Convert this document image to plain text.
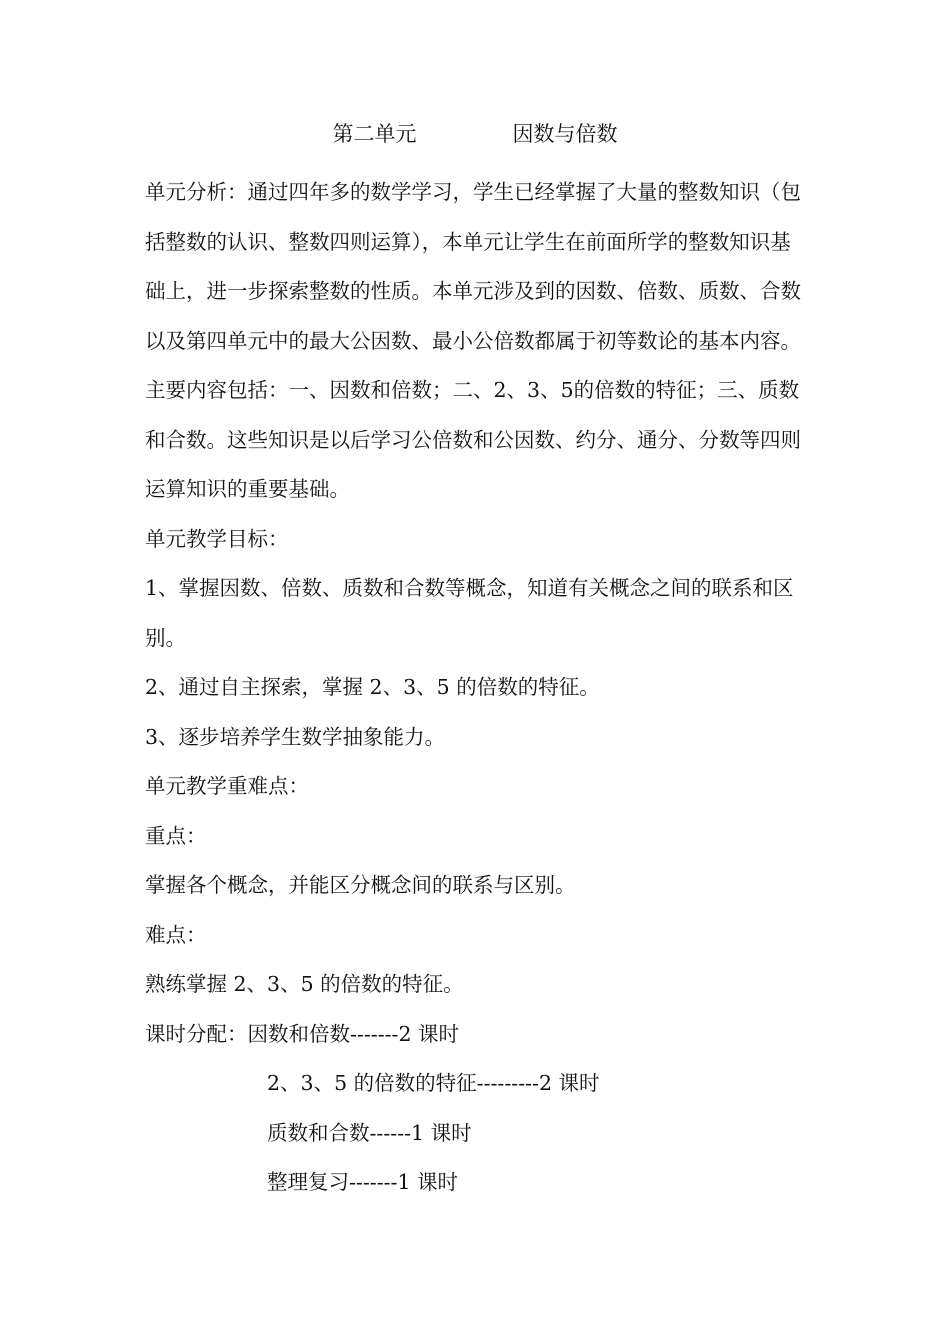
第二单元	因数与倍数

单元分析：通过四年多的数学学习，学生已经掌握了大量的整数知识（包括整数的认识、整数四则运算），本单元让学生在前面所学的整数知识基础上，进一步探索整数的性质。本单元涉及到的因数、倍数、质数、合数以及第四单元中的最大公因数、最小公倍数都属于初等数论的基本内容。主要内容包括：一、因数和倍数；二、2、3、5的倍数的特征；三、质数和合数。这些知识是以后学习公倍数和公因数、约分、通分、分数等四则运算知识的重要基础。

单元教学目标：

1、掌握因数、倍数、质数和合数等概念，知道有关概念之间的联系和区别。

2、通过自主探索，掌握 2、3、5 的倍数的特征。

3、逐步培养学生数学抽象能力。

单元教学重难点：

重点：

掌握各个概念，并能区分概念间的联系与区别。

难点：

熟练掌握 2、3、5 的倍数的特征。

课时分配：因数和倍数-------2 课时

2、3、5 的倍数的特征---------2 课时

质数和合数------1 课时

整理复习-------1 课时
